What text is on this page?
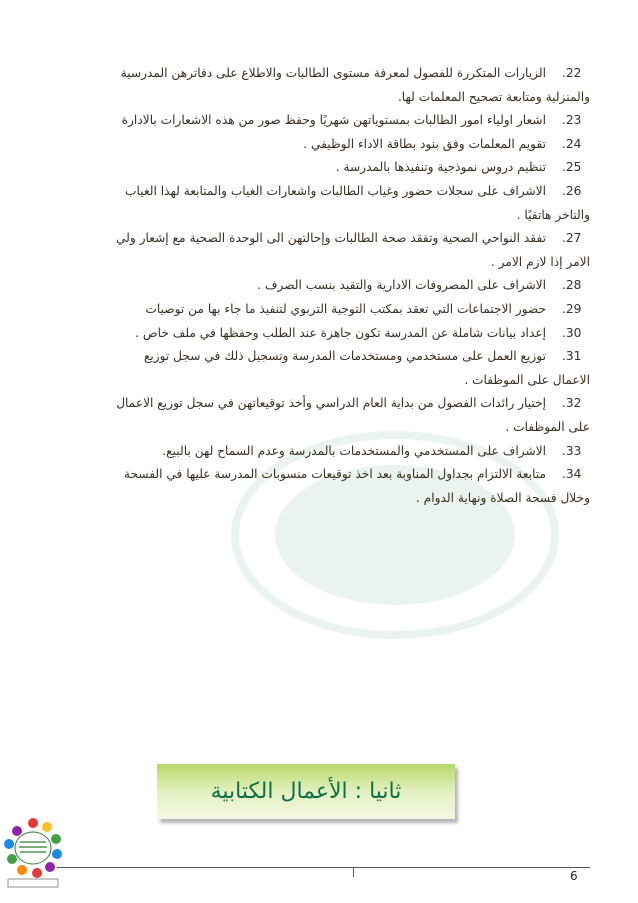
.22
الزيارات المتكررة للفصول لمعرفة مستوى الطالبات والاطلاع على دفاترهن المدرسية
والمنزلية ومتابعة تصحيح المعلمات لها.
.23
اشعار اولياء امور الطالبات بمستوياتهن شهريًا وحفظ صور من هذه الاشعارات بالادارة
.24
تقويم المعلمات وفق بنود بطاقة الاداء الوظيفي .
.25
تنظيم دروس نموذجية وتنفيذها بالمدرسة .
.26
الاشراف على سجلات حضور وغياب الطالبات واشعارات الغياب والمتابعة لهذا الغياب
والتاخر هاتفيًا .
.27
تفقد النواحي الصحية وتفقد صحة الطالبات وإحالتهن الى الوحدة الصحية مع إشعار ولي
الامر إذا لازم الامر .
.28
الاشراف على المصروفات الادارية والتقيد بنسب الصرف .
.29
حضور الاجتماعات التي تعقد بمكتب التوجية التربوي لتنفيذ ما جاء بها من توصيات
.30
إعداد بيانات شاملة عن المدرسة تكون جاهزة عند الطلب وحفظها في ملف خاص .
.31
توزيع العمل على مستخدمي ومستخدمات المدرسة وتسجيل ذلك في سجل توزيع
الاعمال على الموظفات .
.32
إختيار رائدات الفصول من بداية العام الدراسي وأخذ توقيعاتهن في سجل توزيع الاعمال
على الموظفات .
.33
الاشراف على المستخدمي والمستخدمات بالمدرسة وعدم السماح لهن بالبيع.
.34
متابعة الالتزام بجداول المناوبة بعد اخذ توقيعات منسوبات المدرسة عليها في الفسحة
وخلال فسحة الصلاة ونهاية الدوام .
ثانيا : الأعمال الكتابية
6
